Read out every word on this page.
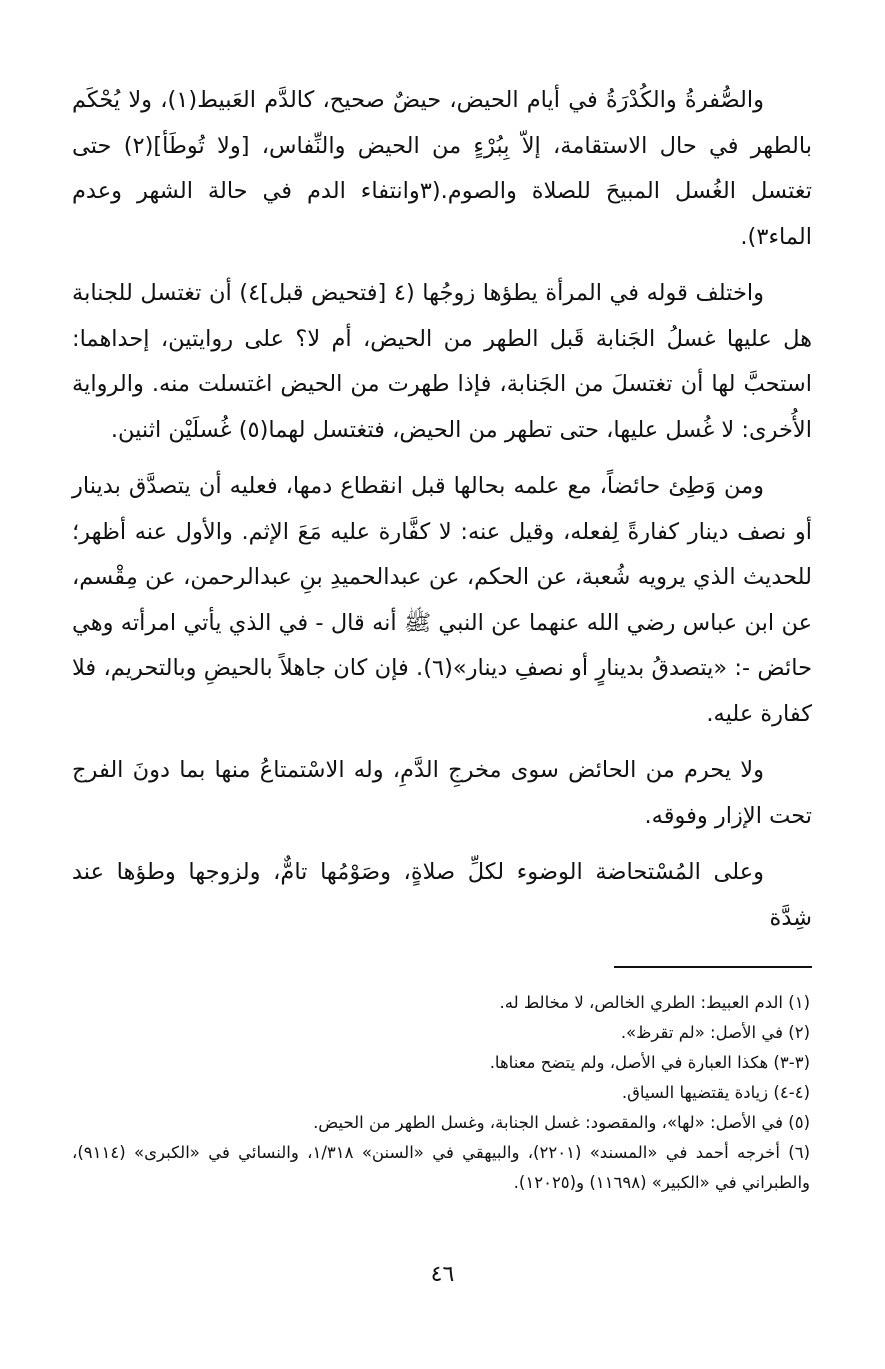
والصُّفرةُ والكُدْرَةُ في أيام الحيض، حيضٌ صحيح، كالدَّم العَبيط(١)، ولا يُحْكَم بالطهر في حال الاستقامة، إلاّ بِبُرْءٍ من الحيض والنِّفاس، [ولا تُوطَأ](٢) حتى تغتسل الغُسل المبيحَ للصلاة والصوم.(٣وانتفاء الدم في حالة الشهر وعدم الماء٣).

واختلف قوله في المرأة يطؤها زوجُها (٤ [فتحيض قبل]٤) أن تغتسل للجنابة هل عليها غسلُ الجَنابة قَبل الطهر من الحيض، أم لا؟ على روايتين، إحداهما: استحبَّ لها أن تغتسلَ من الجَنابة، فإذا طهرت من الحيض اغتسلت منه. والرواية الأُخرى: لا غُسل عليها، حتى تطهر من الحيض، فتغتسل لهما(٥) غُسلَيْن اثنين.

ومن وَطِئ حائضاً، مع علمه بحالها قبل انقطاع دمها، فعليه أن يتصدَّق بدينار أو نصف دينار كفارةً لِفعله، وقيل عنه: لا كفَّارة عليه مَعَ الإثم. والأول عنه أظهر؛ للحديث الذي يرويه شُعبة، عن الحكم، عن عبدالحميدِ بنِ عبدالرحمن، عن مِقْسم، عن ابن عباس رضي الله عنهما عن النبي ﷺ أنه قال - في الذي يأتي امرأته وهي حائض -: «يتصدقُ بدينارٍ أو نصفِ دينار»(٦). فإن كان جاهلاً بالحيضِ وبالتحريم، فلا كفارة عليه.

ولا يحرم من الحائض سوى مخرجِ الدَّمِ، وله الاسْتمتاعُ منها بما دونَ الفرج تحت الإزار وفوقه.

وعلى المُسْتحاضة الوضوء لكلِّ صلاةٍ، وصَوْمُها تامٌّ، ولزوجها وطؤها عند شِدَّة

(١) الدم العبيط: الطري الخالص، لا مخالط له.

(٢) في الأصل: «لم تقرظ».

(٣-٣) هكذا العبارة في الأصل، ولم يتضح معناها.

(٤-٤) زيادة يقتضيها السياق.

(٥) في الأصل: «لها»، والمقصود: غسل الجنابة، وغسل الطهر من الحيض.

(٦) أخرجه أحمد في «المسند» (٢٢٠١)، والبيهقي في «السنن» ١/٣١٨، والنسائي في «الكبرى» (٩١١٤)، والطبراني في «الكبير» (١١٦٩٨) و(١٢٠٢٥).

٤٦
